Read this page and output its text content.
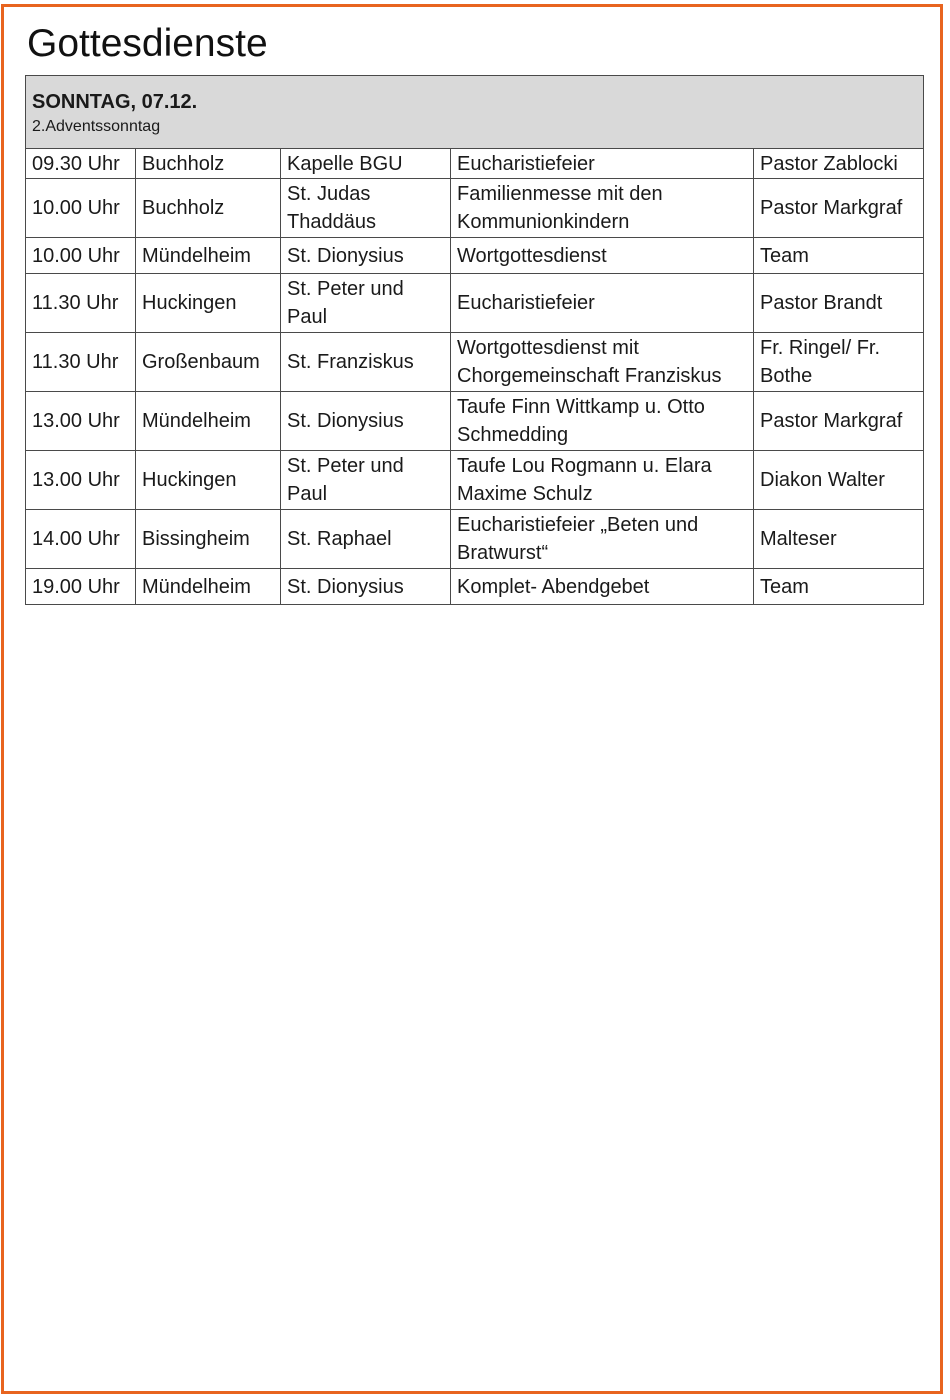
Gottesdienste
SONNTAG, 07.12.
2.Adventssonntag				

09.30 Uhr	Buchholz	Kapelle BGU	Eucharistiefeier	Pastor Zablocki
10.00 Uhr	Buchholz	St. Judas Thaddäus	Familienmesse mit den Kommunionkindern	Pastor Markgraf
10.00 Uhr	Mündelheim	St. Dionysius	Wortgottesdienst	Team
11.30 Uhr	Huckingen	St. Peter und Paul	Eucharistiefeier	Pastor Brandt
11.30 Uhr	Großenbaum	St. Franziskus	Wortgottesdienst mit Chorgemeinschaft Franziskus	Fr. Ringel/ Fr. Bothe
13.00 Uhr	Mündelheim	St. Dionysius	Taufe Finn Wittkamp u. Otto Schmedding	Pastor Markgraf
13.00 Uhr	Huckingen	St. Peter und Paul	Taufe Lou Rogmann u. Elara Maxime Schulz	Diakon Walter
14.00 Uhr	Bissingheim	St. Raphael	Eucharistiefeier „Beten und Bratwurst“	Malteser
19.00 Uhr	Mündelheim	St. Dionysius	Komplet- Abendgebet	Team
